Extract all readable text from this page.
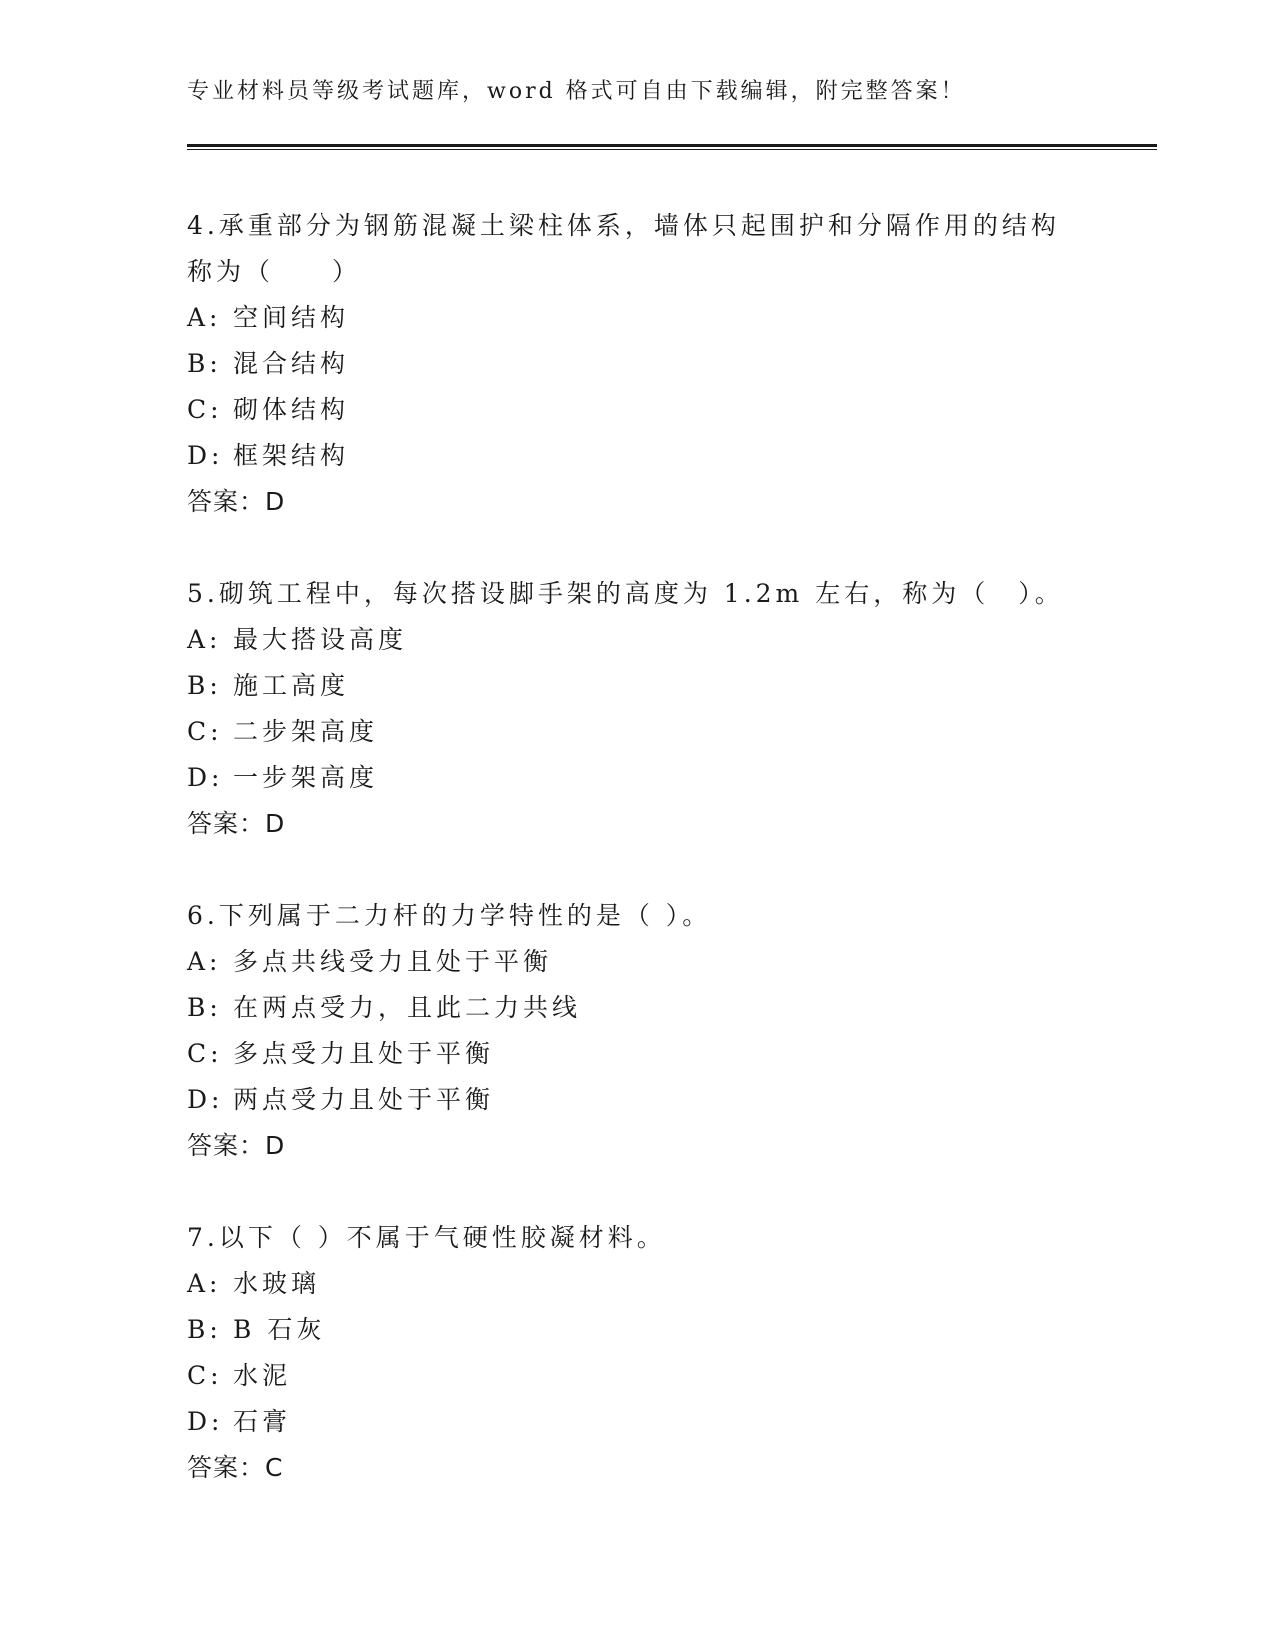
专业材料员等级考试题库，word 格式可自由下载编辑，附完整答案！
4.承重部分为钢筋混凝土梁柱体系，墙体只起围护和分隔作用的结构
称为（　　）
A: 空间结构
B: 混合结构
C: 砌体结构
D: 框架结构
答案：D
5.砌筑工程中，每次搭设脚手架的高度为 1.2m 左右，称为（　）。
A: 最大搭设高度
B: 施工高度
C: 二步架高度
D: 一步架高度
答案：D
6.下列属于二力杆的力学特性的是（ ）。
A: 多点共线受力且处于平衡
B: 在两点受力，且此二力共线
C: 多点受力且处于平衡
D: 两点受力且处于平衡
答案：D
7.以下（ ）不属于气硬性胶凝材料。
A: 水玻璃
B: B 石灰
C: 水泥
D: 石膏
答案：C
